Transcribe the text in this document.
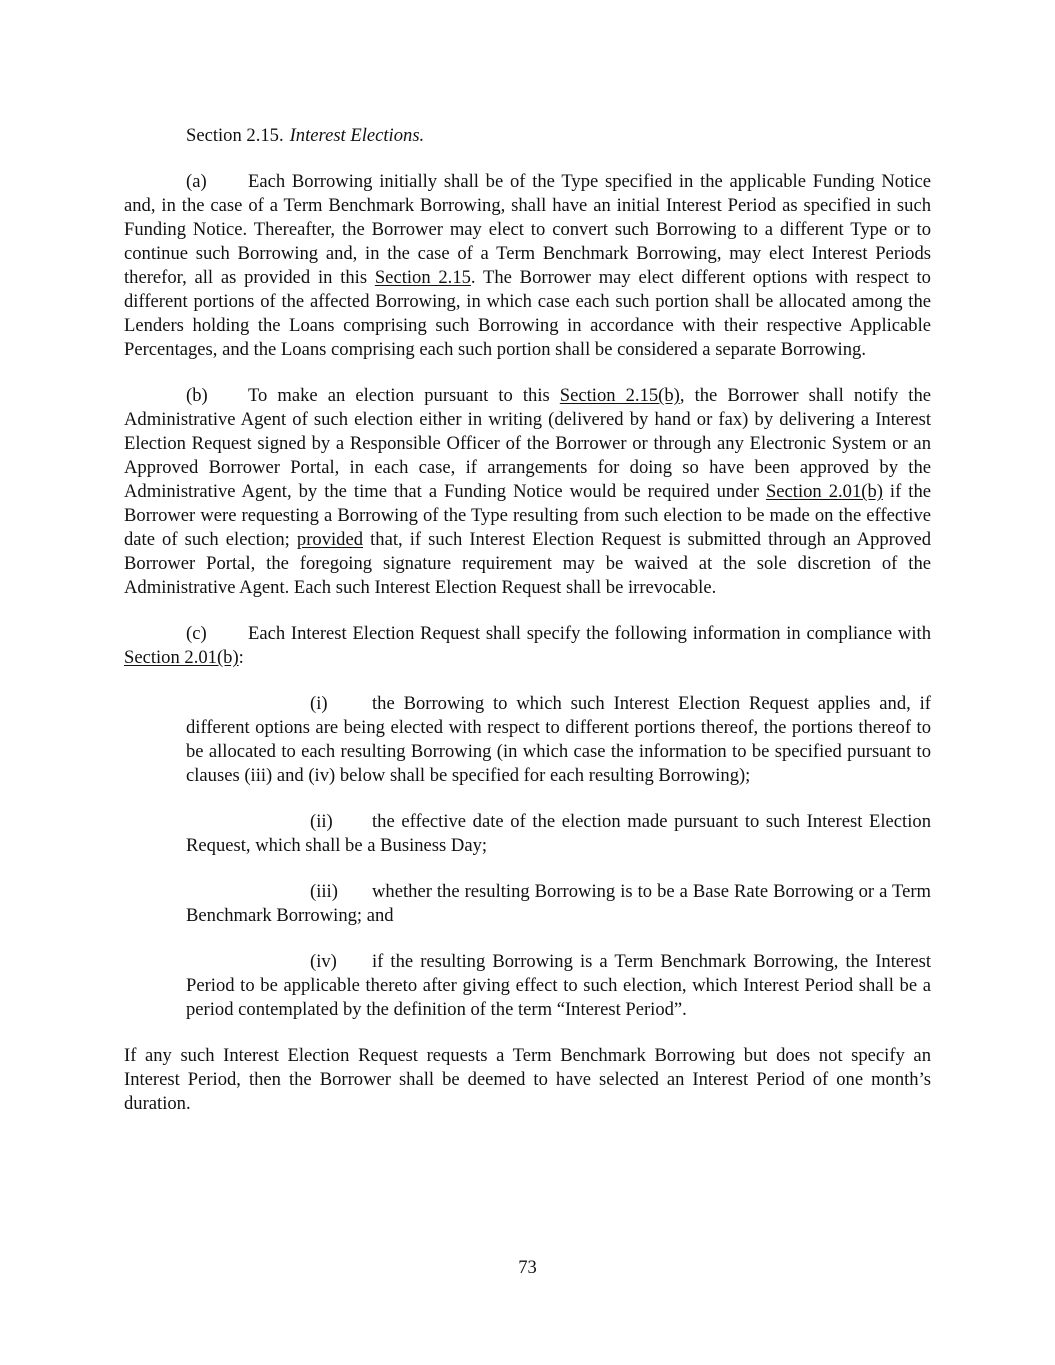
Section 2.15. Interest Elections.

(a) Each Borrowing initially shall be of the Type specified in the applicable Funding Notice and, in the case of a Term Benchmark Borrowing, shall have an initial Interest Period as specified in such Funding Notice. Thereafter, the Borrower may elect to convert such Borrowing to a different Type or to continue such Borrowing and, in the case of a Term Benchmark Borrowing, may elect Interest Periods therefor, all as provided in this Section 2.15. The Borrower may elect different options with respect to different portions of the affected Borrowing, in which case each such portion shall be allocated among the Lenders holding the Loans comprising such Borrowing in accordance with their respective Applicable Percentages, and the Loans comprising each such portion shall be considered a separate Borrowing.

(b) To make an election pursuant to this Section 2.15(b), the Borrower shall notify the Administrative Agent of such election either in writing (delivered by hand or fax) by delivering a Interest Election Request signed by a Responsible Officer of the Borrower or through any Electronic System or an Approved Borrower Portal, in each case, if arrangements for doing so have been approved by the Administrative Agent, by the time that a Funding Notice would be required under Section 2.01(b) if the Borrower were requesting a Borrowing of the Type resulting from such election to be made on the effective date of such election; provided that, if such Interest Election Request is submitted through an Approved Borrower Portal, the foregoing signature requirement may be waived at the sole discretion of the Administrative Agent. Each such Interest Election Request shall be irrevocable.

(c) Each Interest Election Request shall specify the following information in compliance with Section 2.01(b):

(i) the Borrowing to which such Interest Election Request applies and, if different options are being elected with respect to different portions thereof, the portions thereof to be allocated to each resulting Borrowing (in which case the information to be specified pursuant to clauses (iii) and (iv) below shall be specified for each resulting Borrowing);

(ii) the effective date of the election made pursuant to such Interest Election Request, which shall be a Business Day;

(iii) whether the resulting Borrowing is to be a Base Rate Borrowing or a Term Benchmark Borrowing; and

(iv) if the resulting Borrowing is a Term Benchmark Borrowing, the Interest Period to be applicable thereto after giving effect to such election, which Interest Period shall be a period contemplated by the definition of the term “Interest Period”.

If any such Interest Election Request requests a Term Benchmark Borrowing but does not specify an Interest Period, then the Borrower shall be deemed to have selected an Interest Period of one month’s duration.

73
